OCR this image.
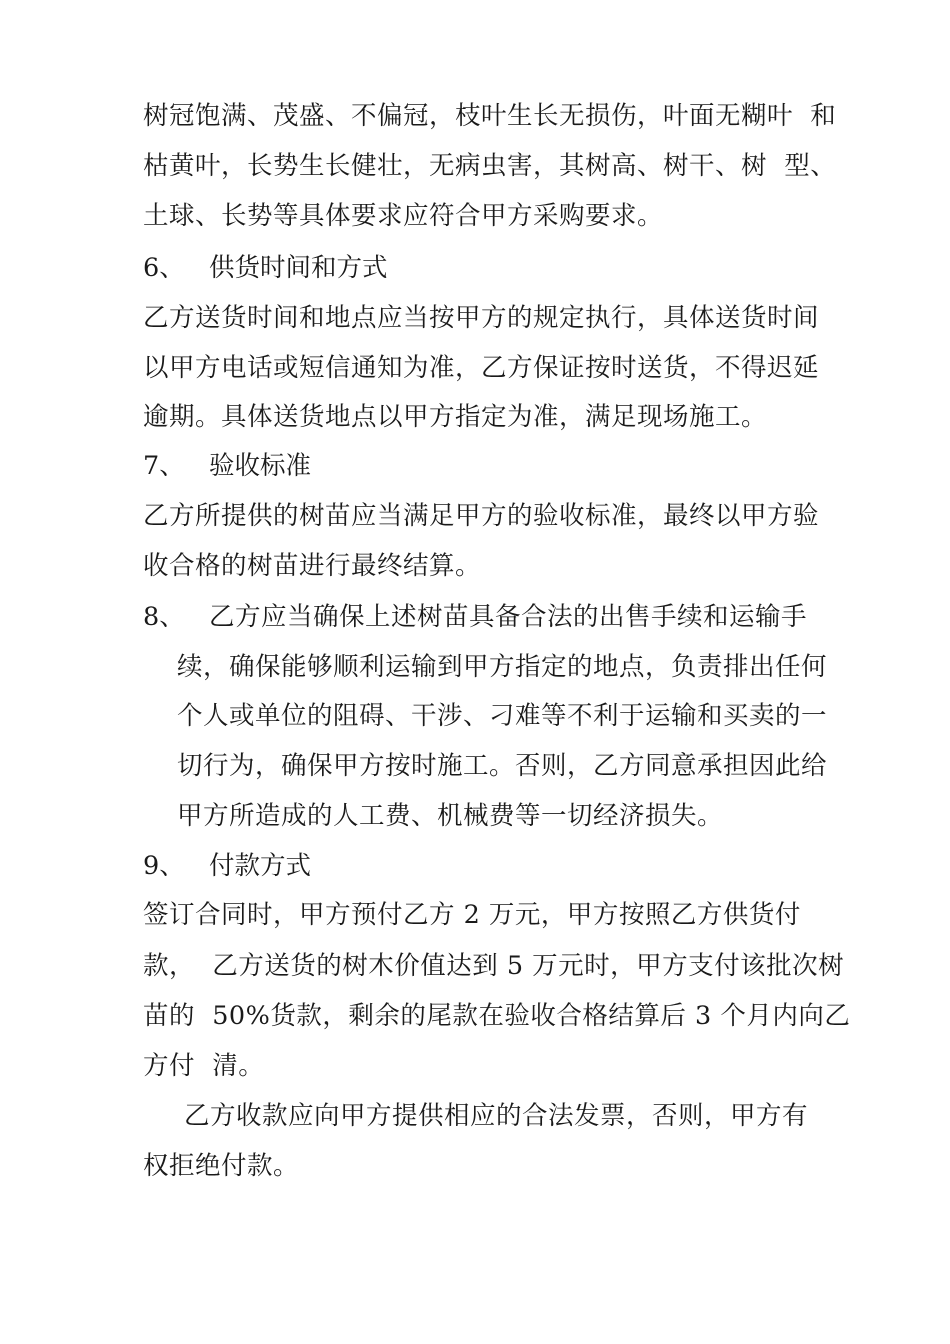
树冠饱满、茂盛、不偏冠，枝叶生长无损伤，叶面无糊叶  和
枯黄叶，长势生长健壮，无病虫害，其树高、树干、树  型、
土球、长势等具体要求应符合甲方采购要求。
6、 供货时间和方式
乙方送货时间和地点应当按甲方的规定执行，具体送货时间
以甲方电话或短信通知为准，乙方保证按时送货，不得迟延
逾期。具体送货地点以甲方指定为准，满足现场施工。
7、 验收标准
乙方所提供的树苗应当满足甲方的验收标准，最终以甲方验
收合格的树苗进行最终结算。
8、 乙方应当确保上述树苗具备合法的出售手续和运输手
续，确保能够顺利运输到甲方指定的地点，负责排出任何
个人或单位的阻碍、干涉、刁难等不利于运输和买卖的一
切行为，确保甲方按时施工。否则，乙方同意承担因此给
甲方所造成的人工费、机械费等一切经济损失。
9、 付款方式
签订合同时，甲方预付乙方 2 万元，甲方按照乙方供货付
款，  乙方送货的树木价值达到 5 万元时，甲方支付该批次树
苗的  50%货款，剩余的尾款在验收合格结算后 3 个月内向乙
方付  清。
乙方收款应向甲方提供相应的合法发票，否则，甲方有
权拒绝付款。
